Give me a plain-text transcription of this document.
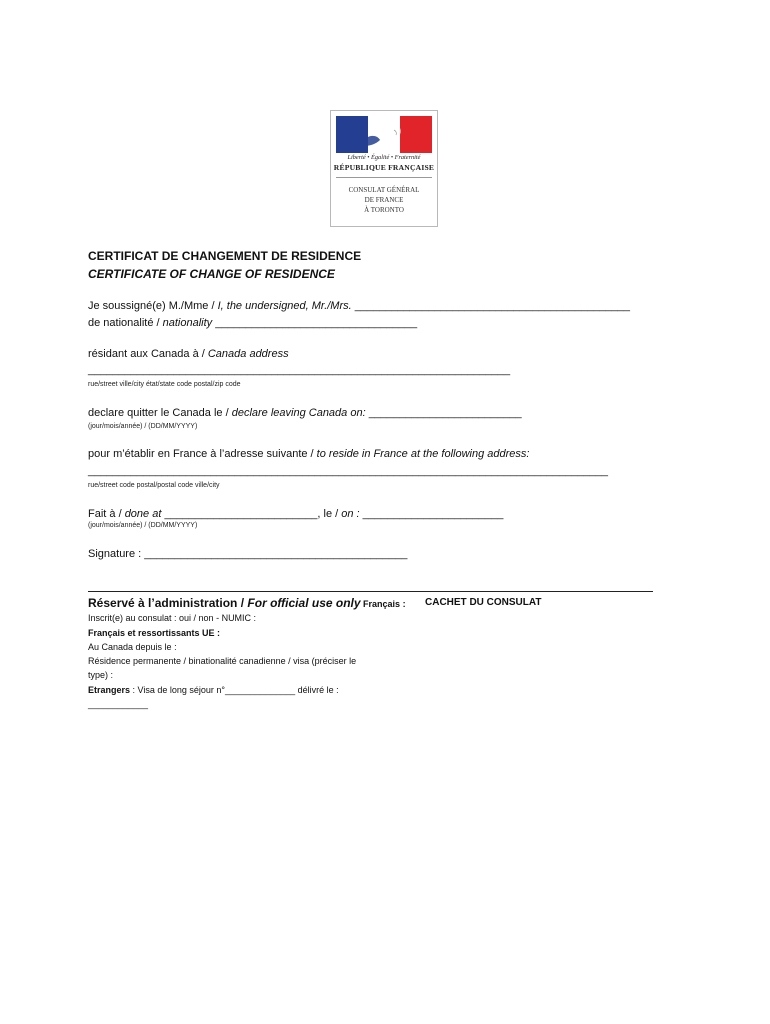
Liberté • Égalité • Fraternité
RÉPUBLIQUE FRANÇAISE
CONSULAT GÉNÉRAL
DE FRANCE
À TORONTO
CERTIFICAT DE CHANGEMENT DE RESIDENCE
CERTIFICATE OF CHANGE OF RESIDENCE
Je soussigné(e) M./Mme / I, the undersigned, Mr./Mrs. _____________________________________________
de nationalité / nationality _________________________________
résidant aux Canada à / Canada address
_____________________________________________________________________
rue/street ville/city état/state code postal/zip code
declare quitter le Canada le / declare leaving Canada on: _________________________
(jour/mois/année) / (DD/MM/YYYY)
pour m’établir en France à l’adresse suivante / to reside in France at the following address:
_____________________________________________________________________________________
rue/street code postal/postal code ville/city
Fait à / done at _________________________, le / on : _______________________
(jour/mois/année) / (DD/MM/YYYY)
Signature : ___________________________________________
Réservé à l’administration / For official use only Français : CACHET DU CONSULAT
Inscrit(e) au consulat : oui / non - NUMIC :
Français et ressortissants UE :
Au Canada depuis le :
Résidence permanente / binationalité canadienne / visa (préciser le
type) :
Etrangers : Visa de long séjour n°______________ délivré le :
____________
